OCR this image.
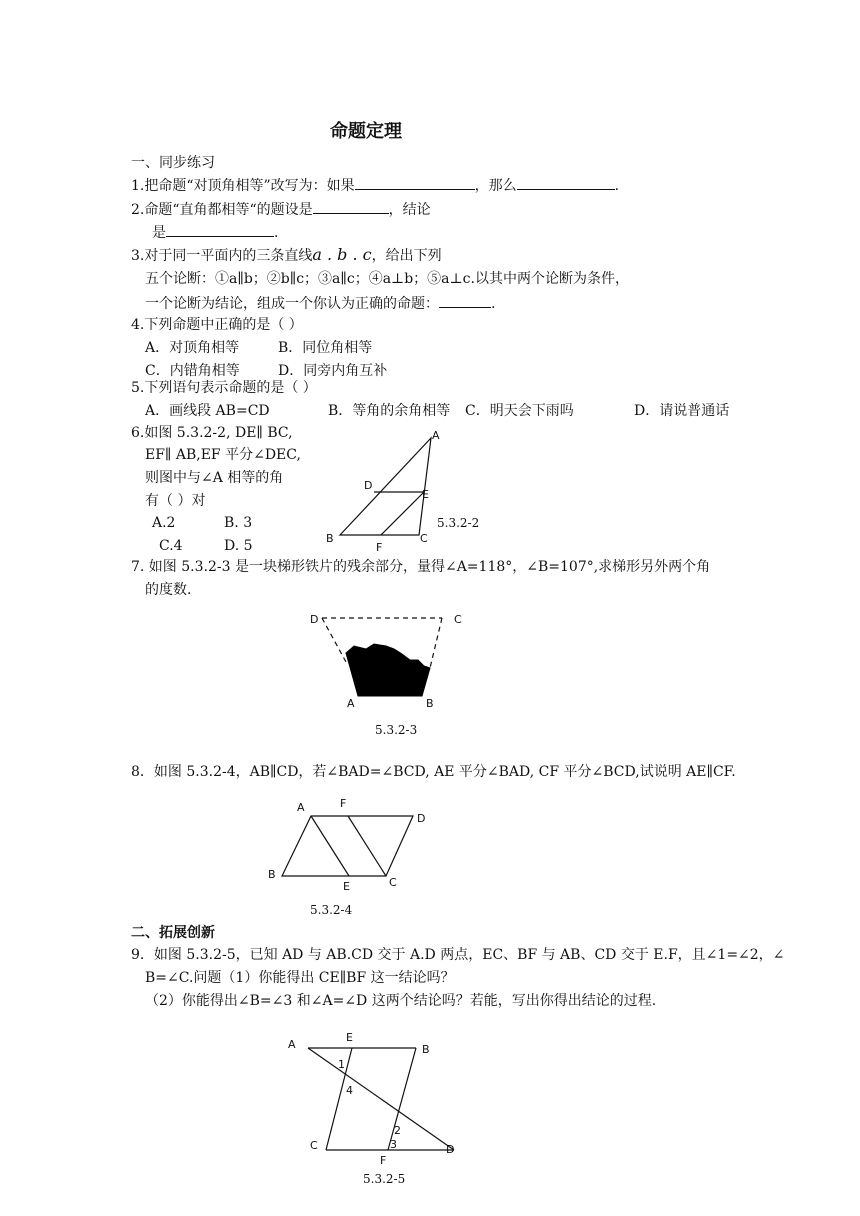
命题定理
一、同步练习
1.把命题“对顶角相等”改写为：如果	，那么	.
2.命题“直角都相等“的题设是	，结论
是	.
3.对于同一平面内的三条直线a . b . c，给出下列
五个论断：①a∥b；②b∥c；③a∥c；④a⊥b；⑤a⊥c.以其中两个论断为条件，
一个论断为结论，组成一个你认为正确的命题：	.
4.下列命题中正确的是（ ）
A．对顶角相等	B．同位角相等
C．内错角相等	D．同旁内角互补
5.下列语句表示命题的是（ ）
A．画线段 AB=CD	B．等角的余角相等 C．明天会下雨吗	D．请说普通话
6.如图 5.3.2-2, DE∥ BC,
EF∥ AB,EF 平分∠DEC,
则图中与∠A 相等的角
有（ ）对
A.2	B. 3
C.4	D. 5
A
D
E
B
F
C
5.3.2-2
7. 如图 5.3.2-3 是一块梯形铁片的残余部分，量得∠A=118°，∠B=107°,求梯形另外两个角
的度数.
D	C
A	B
5.3.2-3
8．如图 5.3.2-4，AB∥CD，若∠BAD=∠BCD, AE 平分∠BAD, CF 平分∠BCD,试说明 AE∥CF.
A	F
D
B
E	C
5.3.2-4
二、拓展创新
9．如图 5.3.2-5，已知 AD 与 AB.CD 交于 A.D 两点，EC、BF 与 AB、CD 交于 E.F，且∠1=∠2，∠
B=∠C.问题（1）你能得出 CE∥BF 这一结论吗？
（2）你能得出∠B=∠3 和∠A=∠D 这两个结论吗？若能，写出你得出结论的过程.
A
E
B
1
4
2
3
C
F
D
5.3.2-5
